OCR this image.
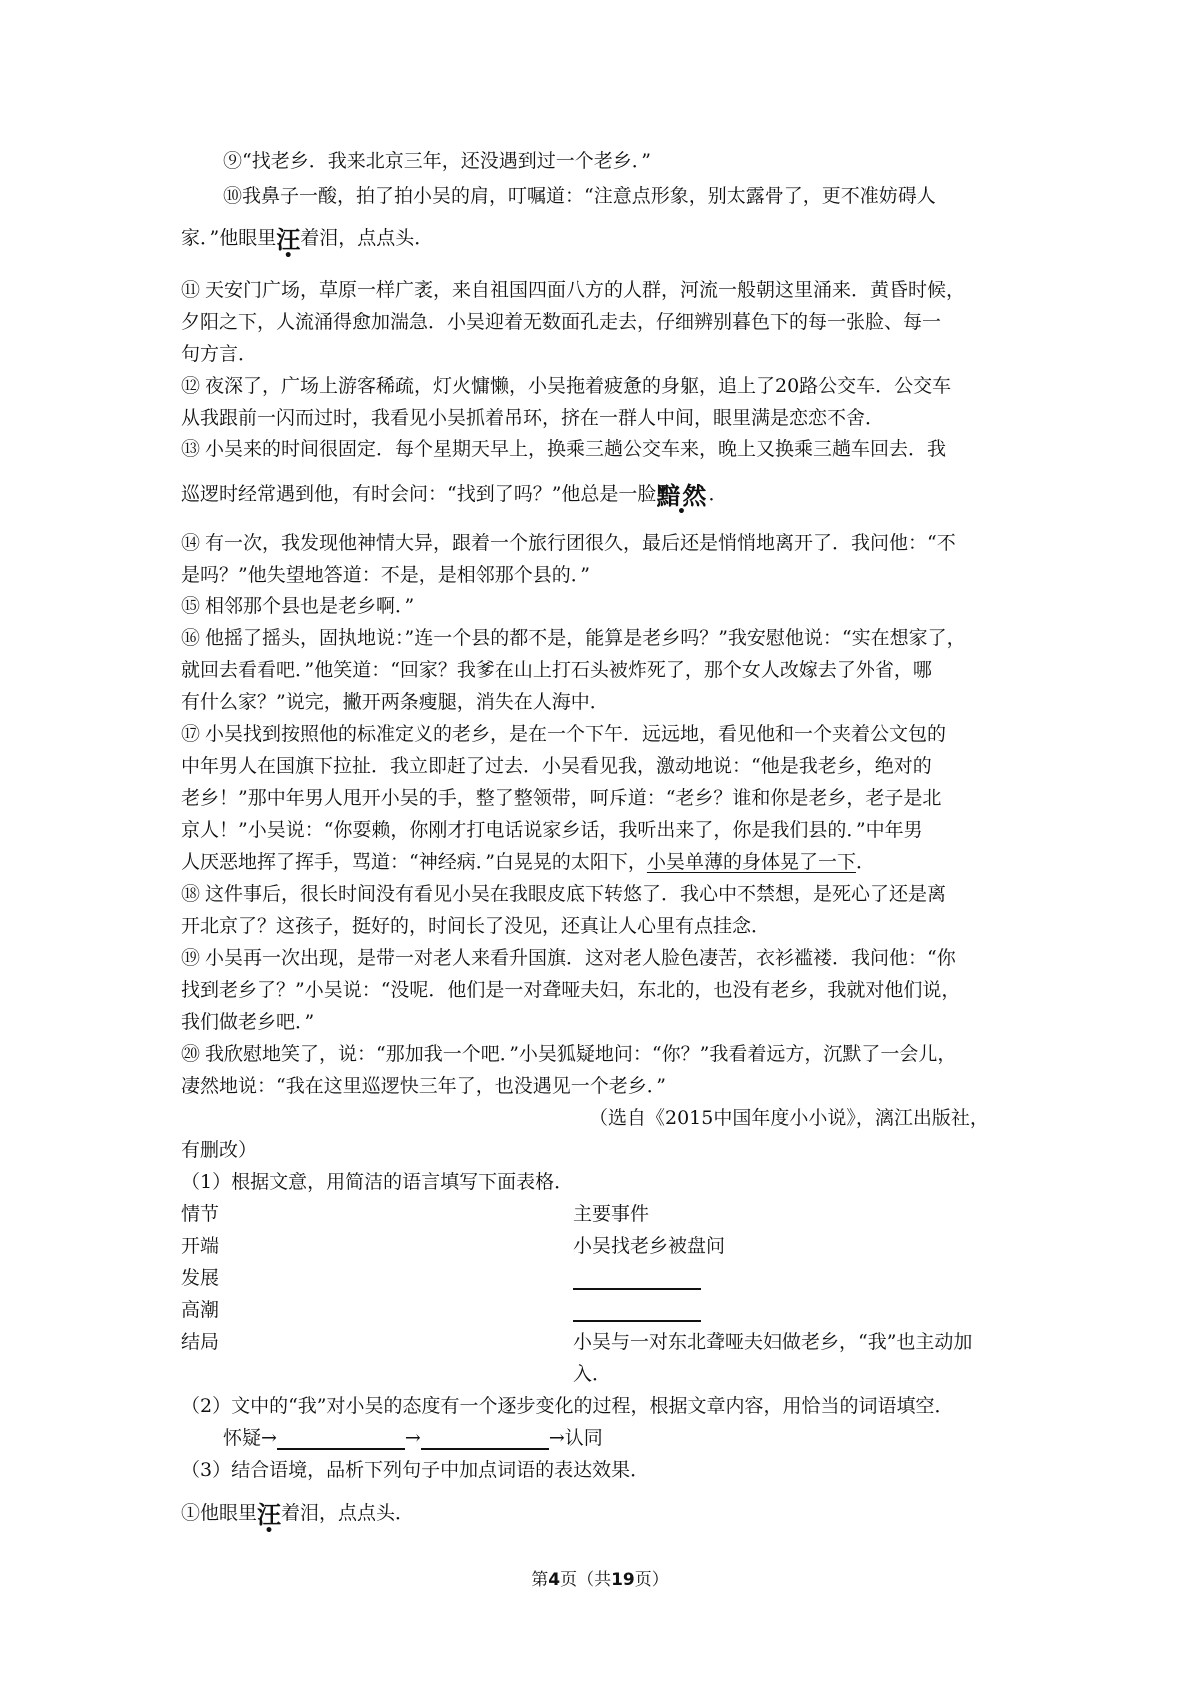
⑨“找老乡．我来北京三年，还没遇到过一个老乡．”
⑩我鼻子一酸，拍了拍小吴的肩，叮嘱道：“注意点形象，别太露骨了，更不准妨碍人
家．”他眼里汪着泪，点点头．
⑪ 天安门广场，草原一样广袤，来自祖国四面八方的人群，河流一般朝这里涌来．黄昏时候，
夕阳之下，人流涌得愈加湍急．小吴迎着无数面孔走去，仔细辨别暮色下的每一张脸、每一
句方言．
⑫ 夜深了，广场上游客稀疏，灯火慵懒，小吴拖着疲惫的身躯，追上了20路公交车．公交车
从我跟前一闪而过时，我看见小吴抓着吊环，挤在一群人中间，眼里满是恋恋不舍．
⑬ 小吴来的时间很固定．每个星期天早上，换乘三趟公交车来，晚上又换乘三趟车回去．我
巡逻时经常遇到他，有时会问：“找到了吗？”他总是一脸黯然．
⑭ 有一次，我发现他神情大异，跟着一个旅行团很久，最后还是悄悄地离开了．我问他：“不
是吗？”他失望地答道：不是，是相邻那个县的．”
⑮ 相邻那个县也是老乡啊．”
⑯ 他摇了摇头，固执地说：”连一个县的都不是，能算是老乡吗？”我安慰他说：“实在想家了，
就回去看看吧．”他笑道：“回家？我爹在山上打石头被炸死了，那个女人改嫁去了外省，哪
有什么家？”说完，撇开两条瘦腿，消失在人海中．
⑰ 小吴找到按照他的标准定义的老乡，是在一个下午．远远地，看见他和一个夹着公文包的
中年男人在国旗下拉扯．我立即赶了过去．小吴看见我，激动地说：“他是我老乡，绝对的
老乡！”那中年男人甩开小吴的手，整了整领带，呵斥道：“老乡？谁和你是老乡，老子是北
京人！”小吴说：“你耍赖，你刚才打电话说家乡话，我听出来了，你是我们县的．”中年男
人厌恶地挥了挥手，骂道：“神经病．”白晃晃的太阳下，小吴单薄的身体晃了一下．
⑱ 这件事后，很长时间没有看见小吴在我眼皮底下转悠了．我心中不禁想，是死心了还是离
开北京了？这孩子，挺好的，时间长了没见，还真让人心里有点挂念．
⑲ 小吴再一次出现，是带一对老人来看升国旗．这对老人脸色凄苦，衣衫褴褛．我问他：“你
找到老乡了？”小吴说：“没呢．他们是一对聋哑夫妇，东北的，也没有老乡，我就对他们说，
我们做老乡吧．”
⑳ 我欣慰地笑了，说：“那加我一个吧．”小吴狐疑地问：“你？”我看着远方，沉默了一会儿，
凄然地说：“我在这里巡逻快三年了，也没遇见一个老乡．”
（选自《2015中国年度小小说》，漓江出版社，
有删改）
（1）根据文意，用简洁的语言填写下面表格．
情节	主要事件
开端	小吴找老乡被盘问
发展
高潮
结局	小吴与一对东北聋哑夫妇做老乡，“我”也主动加
入．
（2）文中的“我”对小吴的态度有一个逐步变化的过程，根据文章内容，用恰当的词语填空．
怀疑→	→	→认同
（3）结合语境，品析下列句子中加点词语的表达效果．
①他眼里汪着泪，点点头．
第4页（共19页）
